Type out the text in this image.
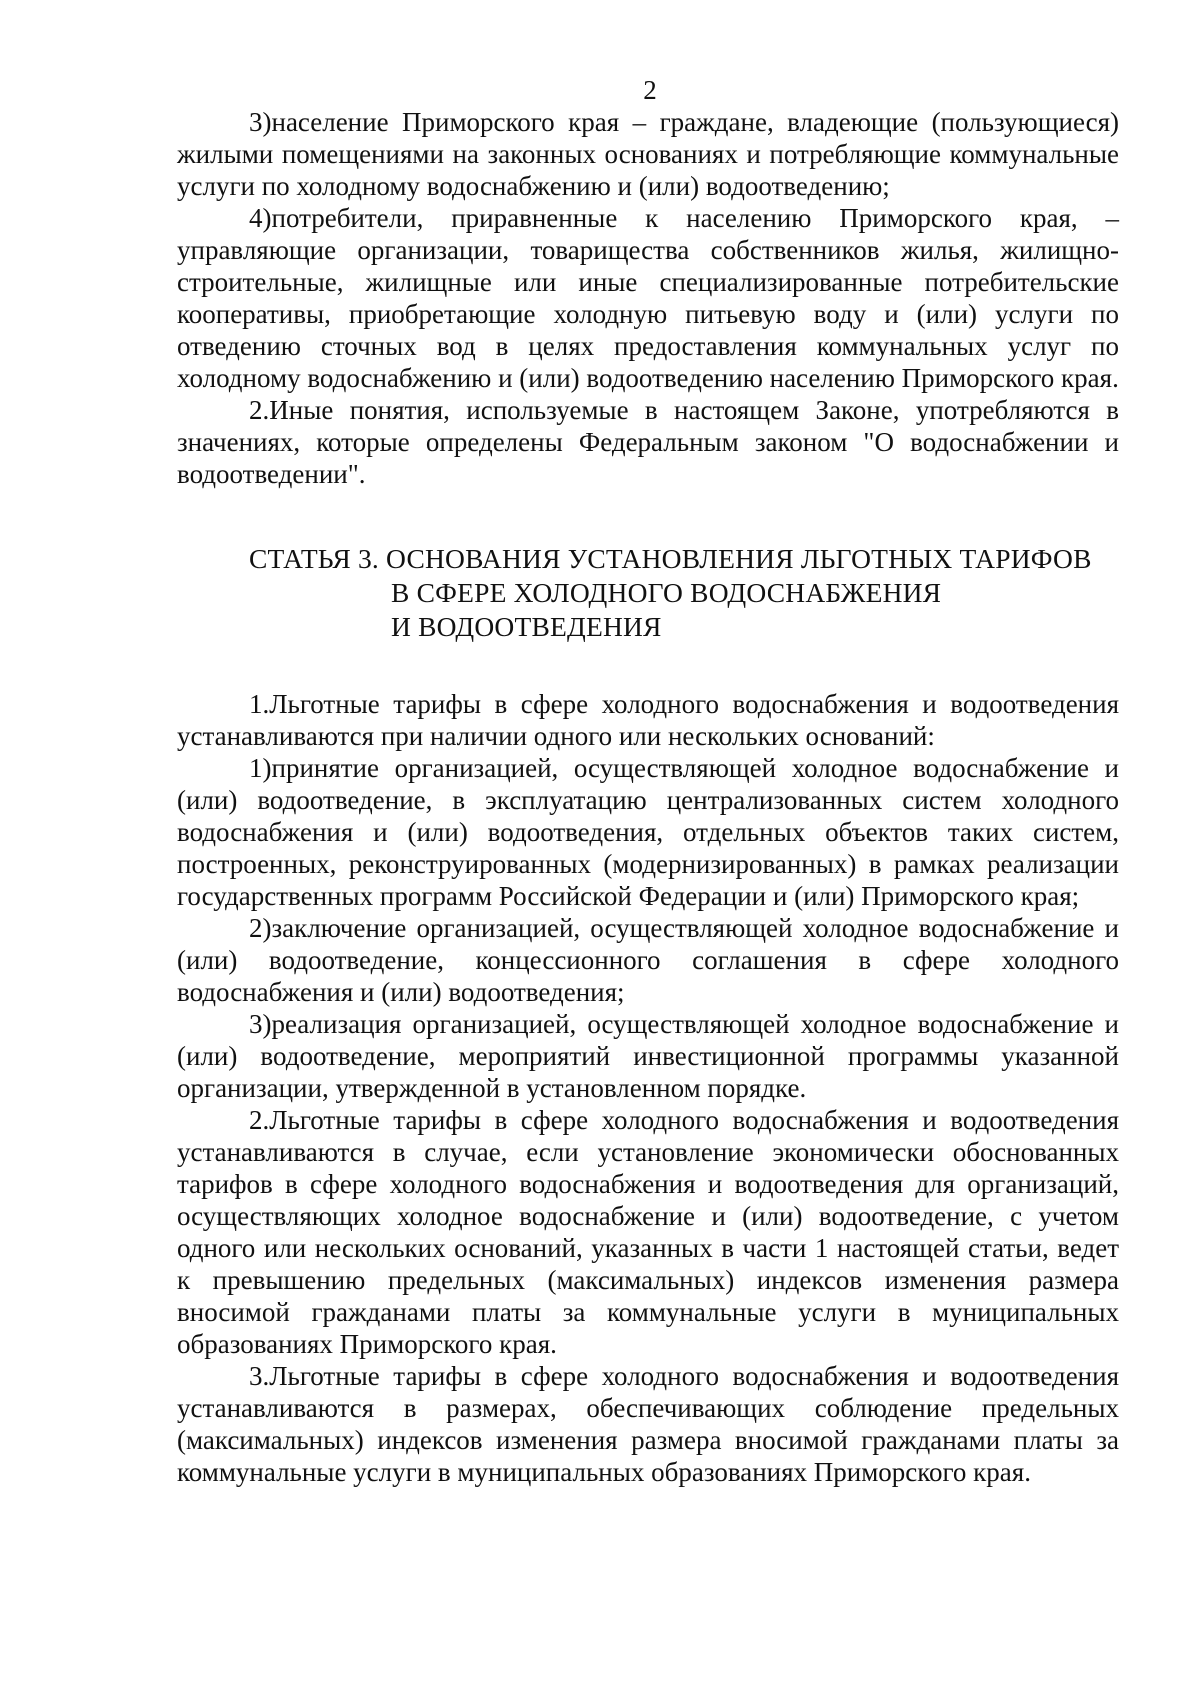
2

3)население Приморского края – граждане, владеющие (пользующиеся) жилыми помещениями на законных основаниях и потребляющие коммунальные услуги по холодному водоснабжению и (или) водоотведению;

4)потребители, приравненные к населению Приморского края, – управляющие организации, товарищества собственников жилья, жилищно-строительные, жилищные или иные специализированные потребительские кооперативы, приобретающие холодную питьевую воду и (или) услуги по отведению сточных вод в целях предоставления коммунальных услуг по холодному водоснабжению и (или) водоотведению населению Приморского края.

2.Иные понятия, используемые в настоящем Законе, употребляются в значениях, которые определены Федеральным законом "О водоснабжении и водоотведении".

СТАТЬЯ 3. ОСНОВАНИЯ УСТАНОВЛЕНИЯ ЛЬГОТНЫХ ТАРИФОВ
В СФЕРЕ ХОЛОДНОГО ВОДОСНАБЖЕНИЯ
И ВОДООТВЕДЕНИЯ

1.Льготные тарифы в сфере холодного водоснабжения и водоотведения устанавливаются при наличии одного или нескольких оснований:

1)принятие организацией, осуществляющей холодное водоснабжение и (или) водоотведение, в эксплуатацию централизованных систем холодного водоснабжения и (или) водоотведения, отдельных объектов таких систем, построенных, реконструированных (модернизированных) в рамках реализации государственных программ Российской Федерации и (или) Приморского края;

2)заключение организацией, осуществляющей холодное водоснабжение и (или) водоотведение, концессионного соглашения в сфере холодного водоснабжения и (или) водоотведения;

3)реализация организацией, осуществляющей холодное водоснабжение и (или) водоотведение, мероприятий инвестиционной программы указанной организации, утвержденной в установленном порядке.

2.Льготные тарифы в сфере холодного водоснабжения и водоотведения устанавливаются в случае, если установление экономически обоснованных тарифов в сфере холодного водоснабжения и водоотведения для организаций, осуществляющих холодное водоснабжение и (или) водоотведение, с учетом одного или нескольких оснований, указанных в части 1 настоящей статьи, ведет к превышению предельных (максимальных) индексов изменения размера вносимой гражданами платы за коммунальные услуги в муниципальных образованиях Приморского края.

3.Льготные тарифы в сфере холодного водоснабжения и водоотведения устанавливаются в размерах, обеспечивающих соблюдение предельных (максимальных) индексов изменения размера вносимой гражданами платы за коммунальные услуги в муниципальных образованиях Приморского края.
